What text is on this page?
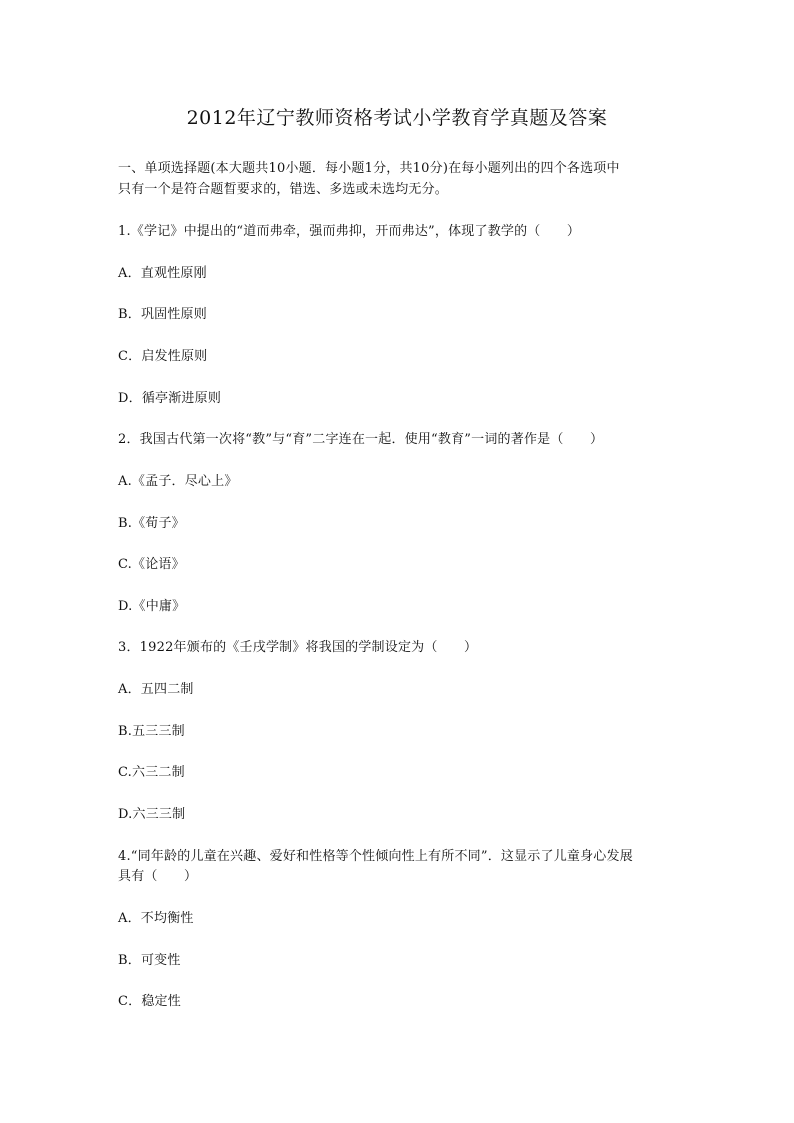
2012年辽宁教师资格考试小学教育学真题及答案
一、单项选择题(本大题共10小题．每小题1分，共10分)在每小题列出的四个各选项中
只有一个是符合题晳要求的，错选、多选或未选均无分。
1.《学记》中提出的“道而弗牵，强而弗抑，开而弗达”，体现了教学的（　　）
A．直观性原刚
B．巩固性原则
C．启发性原则
D．循亭渐进原则
2．我国古代第一次将“教”与“育”二字连在一起．使用“教育”一词的著作是（　　）
A.《孟子．尽心上》
B.《荀子》
C.《论语》
D.《中庸》
3．1922年颁布的《壬戌学制》将我国的学制设定为（　　）
A．五四二制
B.五三三制
C.六三二制
D.六三三制
4.“同年龄的儿童在兴趣、爱好和性格等个性倾向性上有所不同”．这显示了儿童身心发展
具有（　　）
A．不均衡性
B．可变性
C．稳定性
